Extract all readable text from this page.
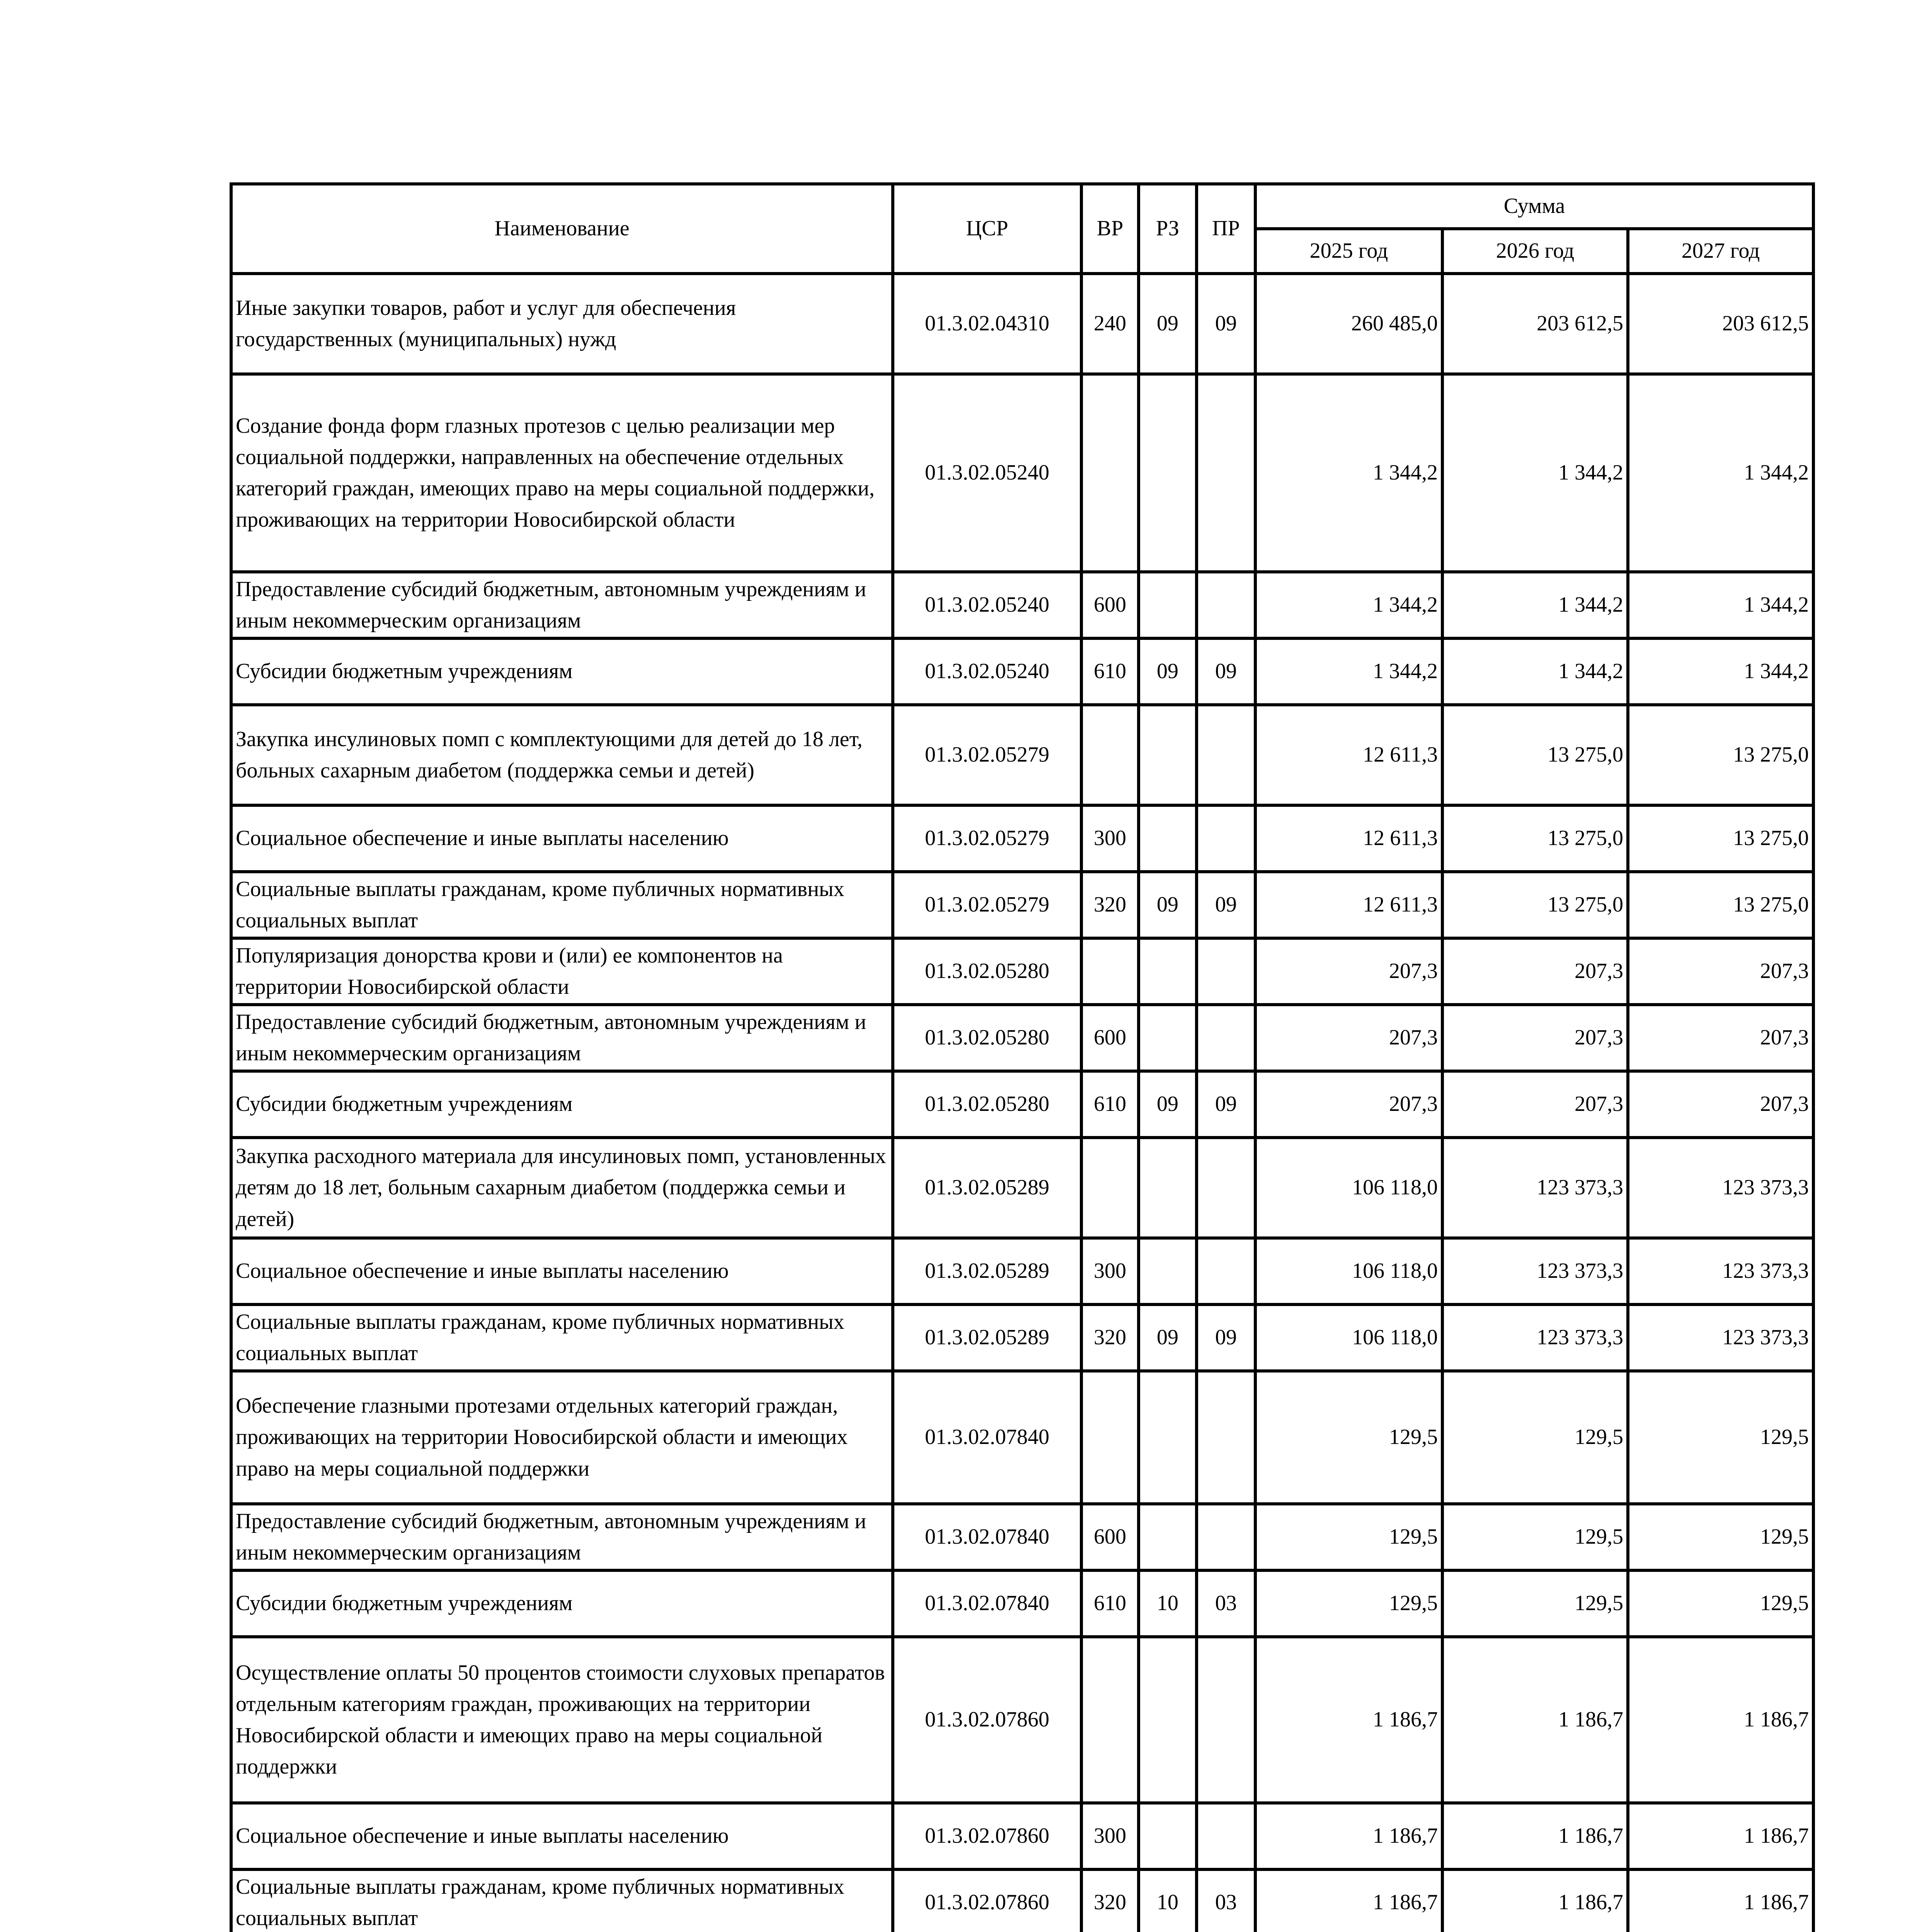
Наименование	ЦСР	ВР	РЗ	ПР	Сумма		
					2025 год	2026 год	2027 год
Иные закупки товаров, работ и услуг для обеспечения государственных (муниципальных) нужд	01.3.02.04310	240	09	09	260 485,0	203 612,5	203 612,5
Создание фонда форм глазных протезов с целью реализации мер социальной поддержки, направленных на обеспечение отдельных категорий граждан, имеющих право на меры социальной поддержки, проживающих на территории Новосибирской области	01.3.02.05240				1 344,2	1 344,2	1 344,2
Предоставление субсидий бюджетным, автономным учреждениям и иным некоммерческим организациям	01.3.02.05240	600			1 344,2	1 344,2	1 344,2
Субсидии бюджетным учреждениям	01.3.02.05240	610	09	09	1 344,2	1 344,2	1 344,2
Закупка инсулиновых помп с комплектующими для детей до 18 лет, больных сахарным диабетом (поддержка семьи и детей)	01.3.02.05279				12 611,3	13 275,0	13 275,0
Социальное обеспечение и иные выплаты населению	01.3.02.05279	300			12 611,3	13 275,0	13 275,0
Социальные выплаты гражданам, кроме публичных нормативных социальных выплат	01.3.02.05279	320	09	09	12 611,3	13 275,0	13 275,0
Популяризация донорства крови и (или) ее компонентов на территории Новосибирской области	01.3.02.05280				207,3	207,3	207,3
Предоставление субсидий бюджетным, автономным учреждениям и иным некоммерческим организациям	01.3.02.05280	600			207,3	207,3	207,3
Субсидии бюджетным учреждениям	01.3.02.05280	610	09	09	207,3	207,3	207,3
Закупка расходного материала для инсулиновых помп, установленных детям до 18 лет, больным сахарным диабетом (поддержка семьи и детей)	01.3.02.05289				106 118,0	123 373,3	123 373,3
Социальное обеспечение и иные выплаты населению	01.3.02.05289	300			106 118,0	123 373,3	123 373,3
Социальные выплаты гражданам, кроме публичных нормативных социальных выплат	01.3.02.05289	320	09	09	106 118,0	123 373,3	123 373,3
Обеспечение глазными протезами отдельных категорий граждан, проживающих на территории Новосибирской области и имеющих право на меры социальной поддержки	01.3.02.07840				129,5	129,5	129,5
Предоставление субсидий бюджетным, автономным учреждениям и иным некоммерческим организациям	01.3.02.07840	600			129,5	129,5	129,5
Субсидии бюджетным учреждениям	01.3.02.07840	610	10	03	129,5	129,5	129,5
Осуществление оплаты 50 процентов стоимости слуховых препаратов отдельным категориям граждан, проживающих на территории Новосибирской области и имеющих право на меры социальной поддержки	01.3.02.07860				1 186,7	1 186,7	1 186,7
Социальное обеспечение и иные выплаты населению	01.3.02.07860	300			1 186,7	1 186,7	1 186,7
Социальные выплаты гражданам, кроме публичных нормативных социальных выплат	01.3.02.07860	320	10	03	1 186,7	1 186,7	1 186,7
